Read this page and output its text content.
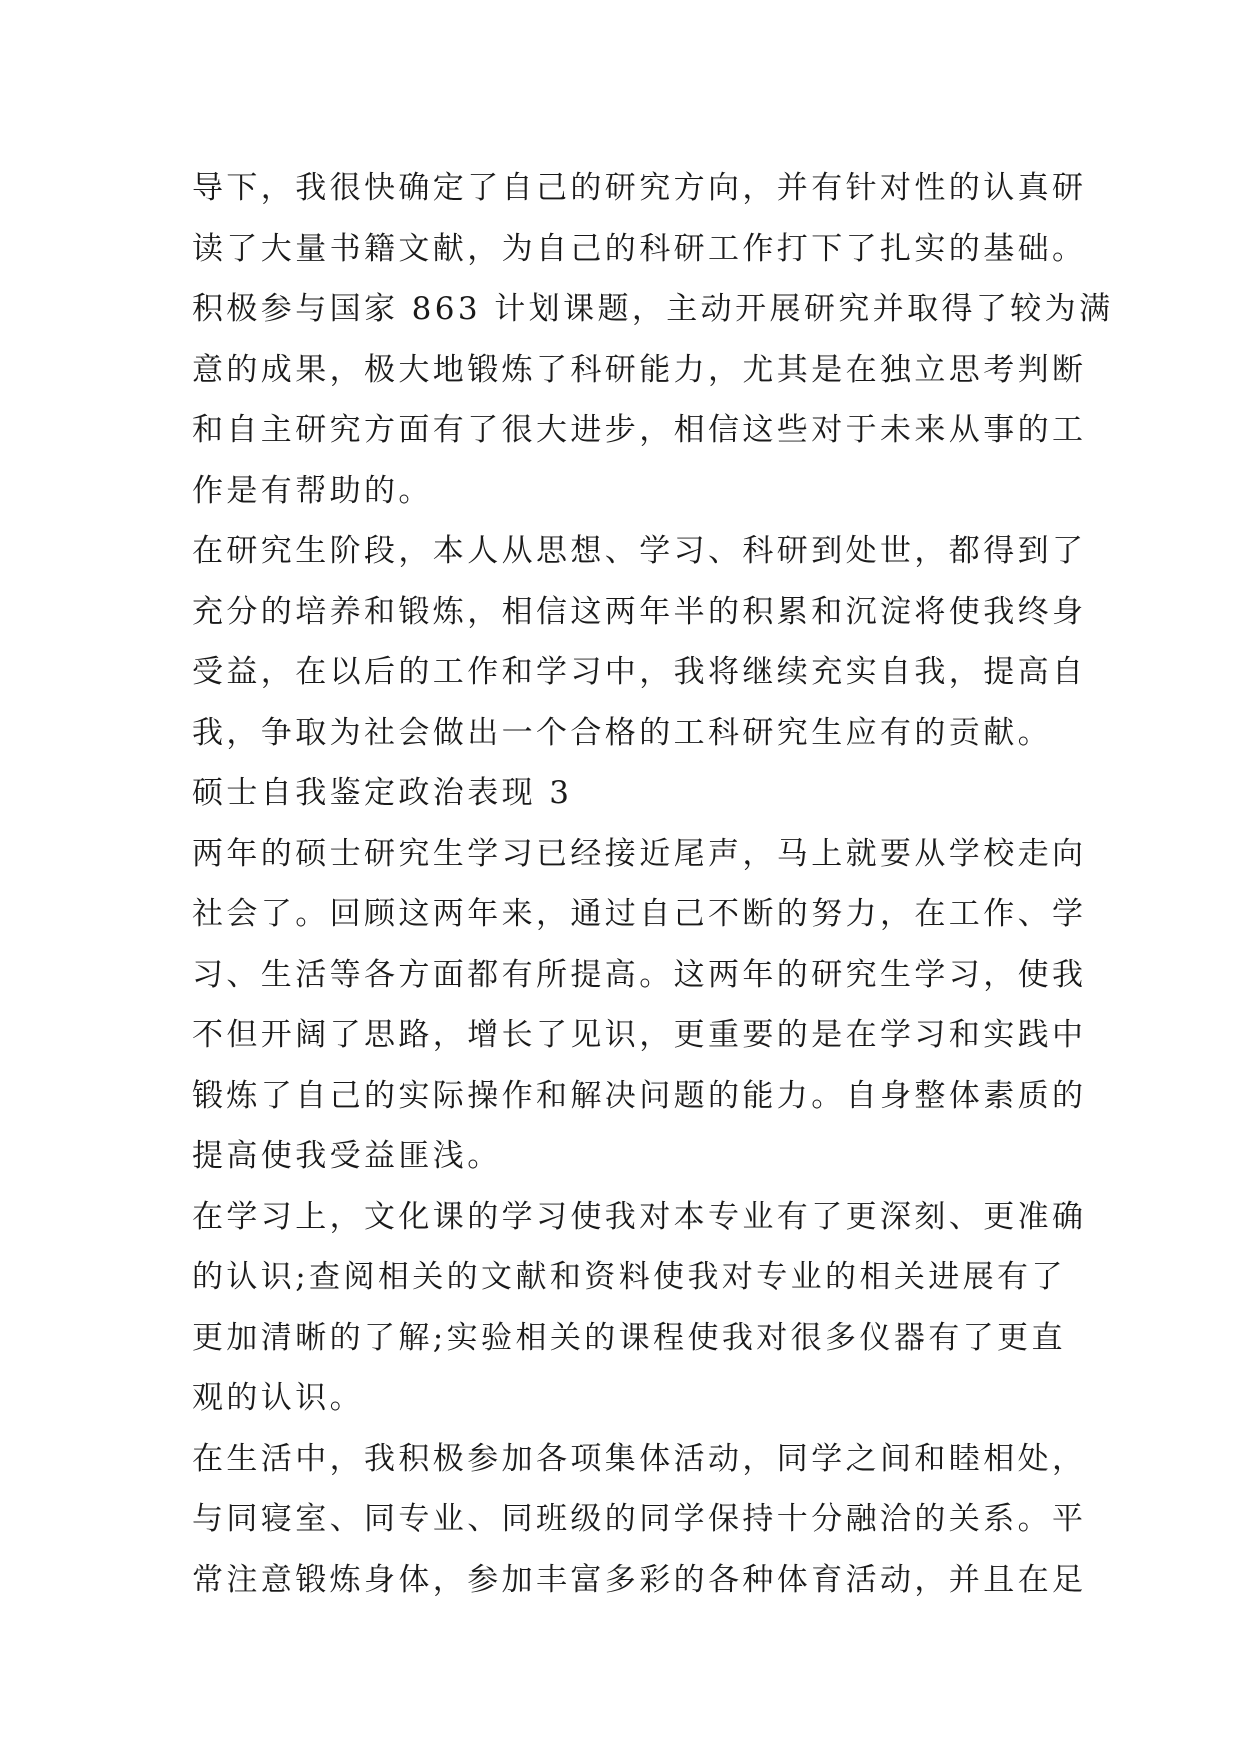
导下，我很快确定了自己的研究方向，并有针对性的认真研
读了大量书籍文献，为自己的科研工作打下了扎实的基础。
积极参与国家 863 计划课题，主动开展研究并取得了较为满
意的成果，极大地锻炼了科研能力，尤其是在独立思考判断
和自主研究方面有了很大进步，相信这些对于未来从事的工
作是有帮助的。
在研究生阶段，本人从思想、学习、科研到处世，都得到了
充分的培养和锻炼，相信这两年半的积累和沉淀将使我终身
受益，在以后的工作和学习中，我将继续充实自我，提高自
我，争取为社会做出一个合格的工科研究生应有的贡献。
硕士自我鉴定政治表现 3
两年的硕士研究生学习已经接近尾声，马上就要从学校走向
社会了。回顾这两年来，通过自己不断的努力，在工作、学
习、生活等各方面都有所提高。这两年的研究生学习，使我
不但开阔了思路，增长了见识，更重要的是在学习和实践中
锻炼了自己的实际操作和解决问题的能力。自身整体素质的
提高使我受益匪浅。
在学习上，文化课的学习使我对本专业有了更深刻、更准确
的认识;查阅相关的文献和资料使我对专业的相关进展有了
更加清晰的了解;实验相关的课程使我对很多仪器有了更直
观的认识。
在生活中，我积极参加各项集体活动，同学之间和睦相处，
与同寝室、同专业、同班级的同学保持十分融洽的关系。平
常注意锻炼身体，参加丰富多彩的各种体育活动，并且在足
